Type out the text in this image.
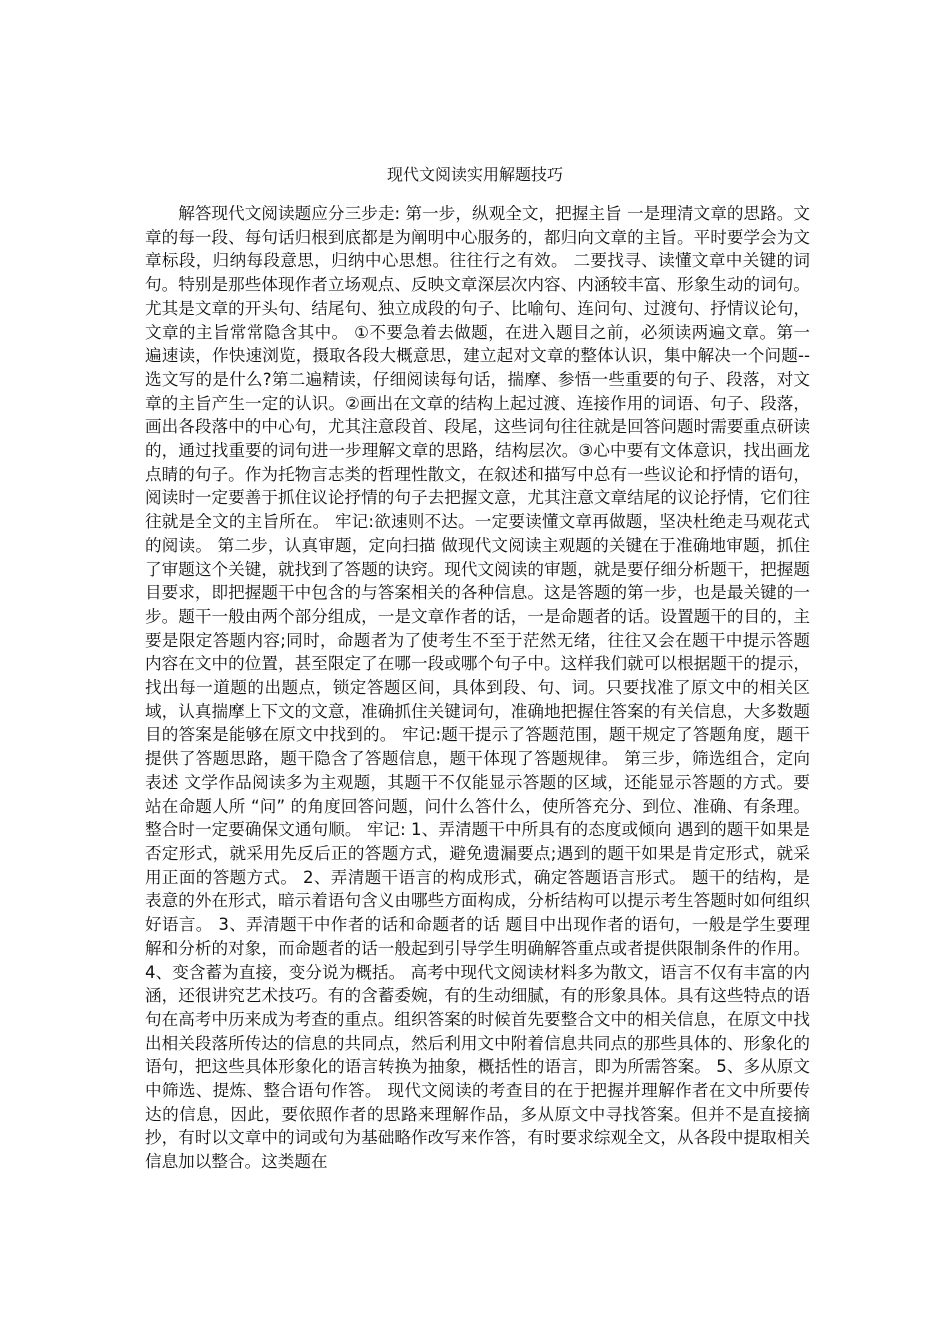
现代文阅读实用解题技巧

解答现代文阅读题应分三步走: 第一步，纵观全文，把握主旨 一是理清文章的思路。文章的每一段、每句话归根到底都是为阐明中心服务的，都归向文章的主旨。平时要学会为文章标段，归纳每段意思，归纳中心思想。往往行之有效。 二要找寻、读懂文章中关键的词句。特别是那些体现作者立场观点、反映文章深层次内容、内涵较丰富、形象生动的词句。尤其是文章的开头句、结尾句、独立成段的句子、比喻句、连问句、过渡句、抒情议论句，文章的主旨常常隐含其中。 ①不要急着去做题，在进入题目之前，必须读两遍文章。第一遍速读，作快速浏览，摄取各段大概意思，建立起对文章的整体认识，集中解决一个问题--选文写的是什么?第二遍精读，仔细阅读每句话，揣摩、参悟一些重要的句子、段落，对文章的主旨产生一定的认识。②画出在文章的结构上起过渡、连接作用的词语、句子、段落，画出各段落中的中心句，尤其注意段首、段尾，这些词句往往就是回答问题时需要重点研读的，通过找重要的词句进一步理解文章的思路，结构层次。③心中要有文体意识，找出画龙点睛的句子。作为托物言志类的哲理性散文，在叙述和描写中总有一些议论和抒情的语句，阅读时一定要善于抓住议论抒情的句子去把握文意，尤其注意文章结尾的议论抒情，它们往往就是全文的主旨所在。 牢记:欲速则不达。一定要读懂文章再做题，坚决杜绝走马观花式的阅读。 第二步，认真审题，定向扫描 做现代文阅读主观题的关键在于准确地审题，抓住了审题这个关键，就找到了答题的诀窍。现代文阅读的审题，就是要仔细分析题干，把握题目要求，即把握题干中包含的与答案相关的各种信息。这是答题的第一步，也是最关键的一步。题干一般由两个部分组成，一是文章作者的话，一是命题者的话。设置题干的目的，主要是限定答题内容;同时，命题者为了使考生不至于茫然无绪，往往又会在题干中提示答题内容在文中的位置，甚至限定了在哪一段或哪个句子中。这样我们就可以根据题干的提示，找出每一道题的出题点，锁定答题区间，具体到段、句、词。只要找准了原文中的相关区域，认真揣摩上下文的文意，准确抓住关键词句，准确地把握住答案的有关信息，大多数题目的答案是能够在原文中找到的。 牢记:题干提示了答题范围，题干规定了答题角度，题干提供了答题思路，题干隐含了答题信息，题干体现了答题规律。 第三步，筛选组合，定向表述 文学作品阅读多为主观题，其题干不仅能显示答题的区域，还能显示答题的方式。要站在命题人所 “问” 的角度回答问题，问什么答什么，使所答充分、到位、准确、有条理。整合时一定要确保文通句顺。 牢记: 1、弄清题干中所具有的态度或倾向 遇到的题干如果是否定形式，就采用先反后正的答题方式，避免遗漏要点;遇到的题干如果是肯定形式，就采用正面的答题方式。 2、弄清题干语言的构成形式，确定答题语言形式。 题干的结构，是表意的外在形式，暗示着语句含义由哪些方面构成，分析结构可以提示考生答题时如何组织好语言。 3、弄清题干中作者的话和命题者的话 题目中出现作者的语句，一般是学生要理解和分析的对象，而命题者的话一般起到引导学生明确解答重点或者提供限制条件的作用。 4、变含蓄为直接，变分说为概括。 高考中现代文阅读材料多为散文，语言不仅有丰富的内涵，还很讲究艺术技巧。有的含蓄委婉，有的生动细腻，有的形象具体。具有这些特点的语句在高考中历来成为考查的重点。组织答案的时候首先要整合文中的相关信息，在原文中找出相关段落所传达的信息的共同点，然后利用文中附着信息共同点的那些具体的、形象化的语句，把这些具体形象化的语言转换为抽象，概括性的语言，即为所需答案。 5、多从原文中筛选、提炼、整合语句作答。 现代文阅读的考查目的在于把握并理解作者在文中所要传达的信息，因此，要依照作者的思路来理解作品，多从原文中寻找答案。但并不是直接摘抄，有时以文章中的词或句为基础略作改写来作答，有时要求综观全文，从各段中提取相关信息加以整合。这类题在
